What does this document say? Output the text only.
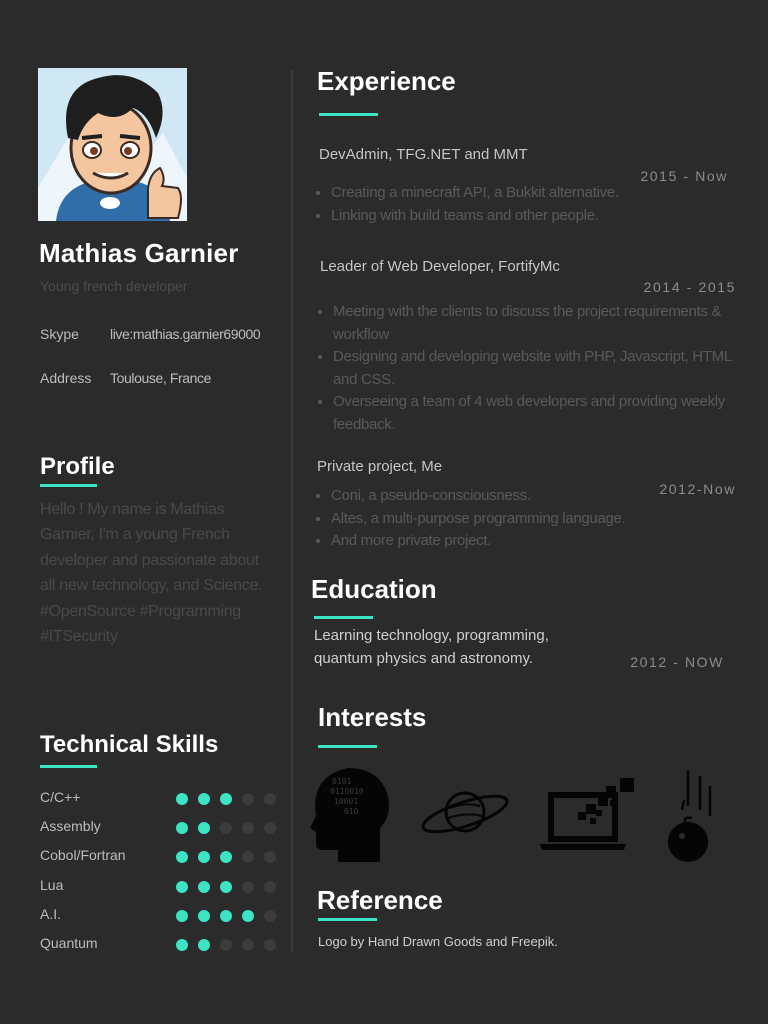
Mathias Garnier
Young french developer
Skype live:mathias.garnier69000
Address Toulouse, France
Profile
Hello ! My name is Mathias Garnier, I'm a young French developer and passionate about all new technology, and Science. #OpenSource #Programming #ITSecurity
Technical Skills
C/C++
Assembly
Cobol/Fortran
Lua
A.I.
Quantum
Experience
DevAdmin, TFG.NET and MMT
2015 - Now
• Creating a minecraft API, a Bukkit alternative.
• Linking with build teams and other people.
Leader of Web Developer, FortifyMc
2014 - 2015
• Meeting with the clients to discuss the project requirements & workflow
• Designing and developing website with PHP, Javascript, HTML and CSS.
• Overseeing a team of 4 web developers and providing weekly feedback.
Private project, Me
2012-Now
• Coni, a pseudo-consciousness.
• Altes, a multi-purpose programming language.
• And more private project.
Education
Learning technology, programming, quantum physics and astronomy.	2012 - NOW
Interests
0101
0110010
10001
010
Reference
Logo by Hand Drawn Goods and Freepik.
